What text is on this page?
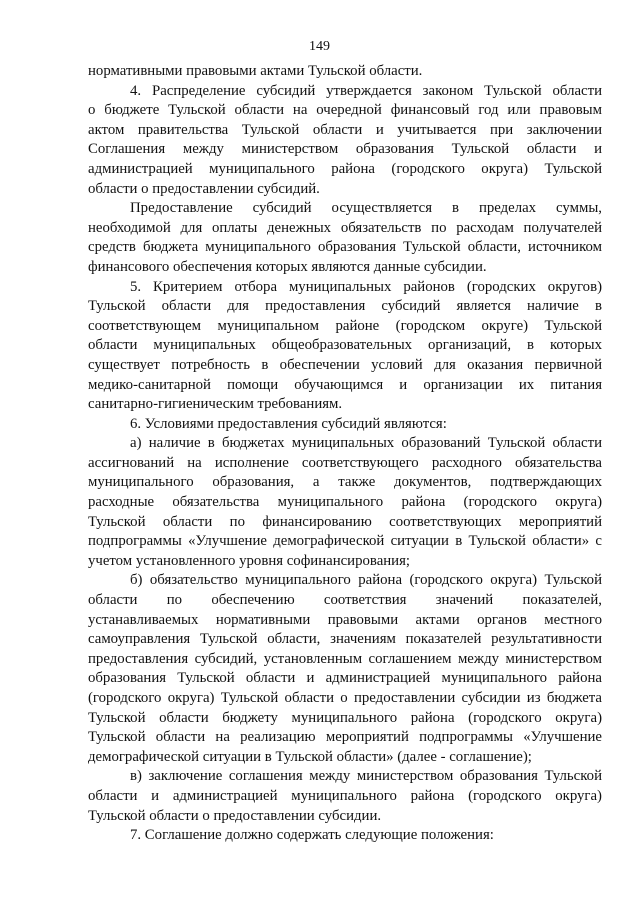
149
нормативными правовыми актами Тульской области.
4. Распределение субсидий утверждается законом Тульской области
о бюджете Тульской области на очередной финансовый год или правовым
актом правительства Тульской области и учитывается при заключении
Соглашения между министерством образования Тульской области и
администрацией муниципального района (городского округа) Тульской
области о предоставлении субсидий.
Предоставление субсидий осуществляется в пределах суммы,
необходимой для оплаты денежных обязательств по расходам получателей
средств бюджета муниципального образования Тульской области, источником
финансового обеспечения которых являются данные субсидии.
5. Критерием отбора муниципальных районов (городских округов)
Тульской области для предоставления субсидий является наличие в
соответствующем муниципальном районе (городском округе) Тульской
области муниципальных общеобразовательных организаций, в которых
существует потребность в обеспечении условий для оказания первичной
медико-санитарной помощи обучающимся и организации их питания
санитарно-гигиеническим требованиям.
6. Условиями предоставления субсидий являются:
а) наличие в бюджетах муниципальных образований Тульской области
ассигнований на исполнение соответствующего расходного обязательства
муниципального образования, а также документов, подтверждающих
расходные обязательства муниципального района (городского округа)
Тульской области по финансированию соответствующих мероприятий
подпрограммы «Улучшение демографической ситуации в Тульской области» с
учетом установленного уровня софинансирования;
б) обязательство муниципального района (городского округа) Тульской
области по обеспечению соответствия значений показателей,
устанавливаемых нормативными правовыми актами органов местного
самоуправления Тульской области, значениям показателей результативности
предоставления субсидий, установленным соглашением между министерством
образования Тульской области и администрацией муниципального района
(городского округа) Тульской области о предоставлении субсидии из бюджета
Тульской области бюджету муниципального района (городского округа)
Тульской области на реализацию мероприятий подпрограммы «Улучшение
демографической ситуации в Тульской области» (далее - соглашение);
в) заключение соглашения между министерством образования Тульской
области и администрацией муниципального района (городского округа)
Тульской области о предоставлении субсидии.
7. Соглашение должно содержать следующие положения:
